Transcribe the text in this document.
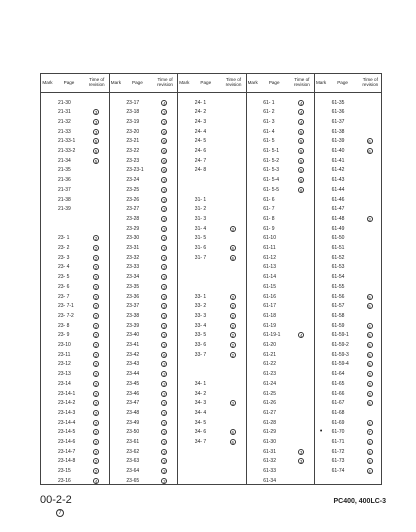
Mark	Page	Time of
revision
21-30
21-31	3
21-32	3
21-33	3
21-33-1	5
21-33-2	5
21-34	5
21-35
21-36
21-37
21-38
21-39
23- 1	2
23- 2	2
23- 3	2
23- 4	2
23- 5	2
23- 6	2
23- 7	2
23- 7-1	2
23- 7-2	2
23- 8	2
23- 9	2
23-10	2
23-11	2
23-12	2
23-13	2
23-14	2
23-14-1	2
23-14-2	2
23-14-3	2
23-14-4	2
23-14-5	2
23-14-6	2
23-14-7	2
23-14-8	2
23-15	2
23-16	4
Mark	Page	Time of
revision
23-17	4
23-18	2
23-19	2
23-20	6
23-21	6
23-22	6
23-23	6
23-23-1	6
23-24	2
23-25	2
23-26	2
23-27	2
23-28	2
23-29	2
23-30	2
23-31	2
23-32	2
23-33	2
23-34	2
23-35	2
23-36	2
23-37	2
23-38	2
23-39	2
23-40	2
23-41	2
23-42	6
23-43	2
23-44	2
23-45	2
23-46	2
23-47	2
23-48	2
23-49	2
23-50	2
23-61	2
23-62	2
23-63	2
23-64	2
23-65	2
Mark	Page	Time of
revision
24- 1
24- 2
24- 3
24- 4
24- 5
24- 6
24- 7
24- 8
31- 1
31- 2
31- 3
31- 4	3
31- 5
31- 6	6
31- 7	6
33- 1	2
33- 2	2
33- 3	2
33- 4	2
33- 5	2
33- 6	2
33- 7	2
34- 1
34- 2
34- 3	3
34- 4
34- 5
34- 6	6
34- 7	6
Mark	Page	Time of
revision
61- 1	4
61- 2	4
61- 3	4
61- 4	5
61- 5	5
61- 5-1	5
61- 5-2	5
61- 5-3	5
61- 5-4	6
61- 5-5	6
61- 6
61- 7
61- 8
61- 9
61-10
61-11
61-12
61-13
61-14
61-15
61-16
61-17
61-18
61-19
61-19-1	4
61-20
61-21
61-22
61-23
61-24
61-25
61-26
61-27
61-28
61-29
61-30
61-31	3
61-32	3
61-33
61-34
Mark	Page	Time of
revision
61-35
61-36
61-37
61-38
61-39	6
61-40	6
61-41
61-42
61-43
61-44
61-46
61-47
61-48	3
61-49
61-50
61-51
61-52
61-53
61-54
61-55
61-56	5
61-57	5
61-58
61-59	4
61-59-1	5
61-59-2	5
61-59-3	5
61-59-4	5
61-64	3
61-65	3
61-66	3
61-67	5
61-68
61-69	4
•	61-70	7
61-71	4
61-72	4
61-73	4
61-74	4
00-2-2
7
PC400, 400LC-3
